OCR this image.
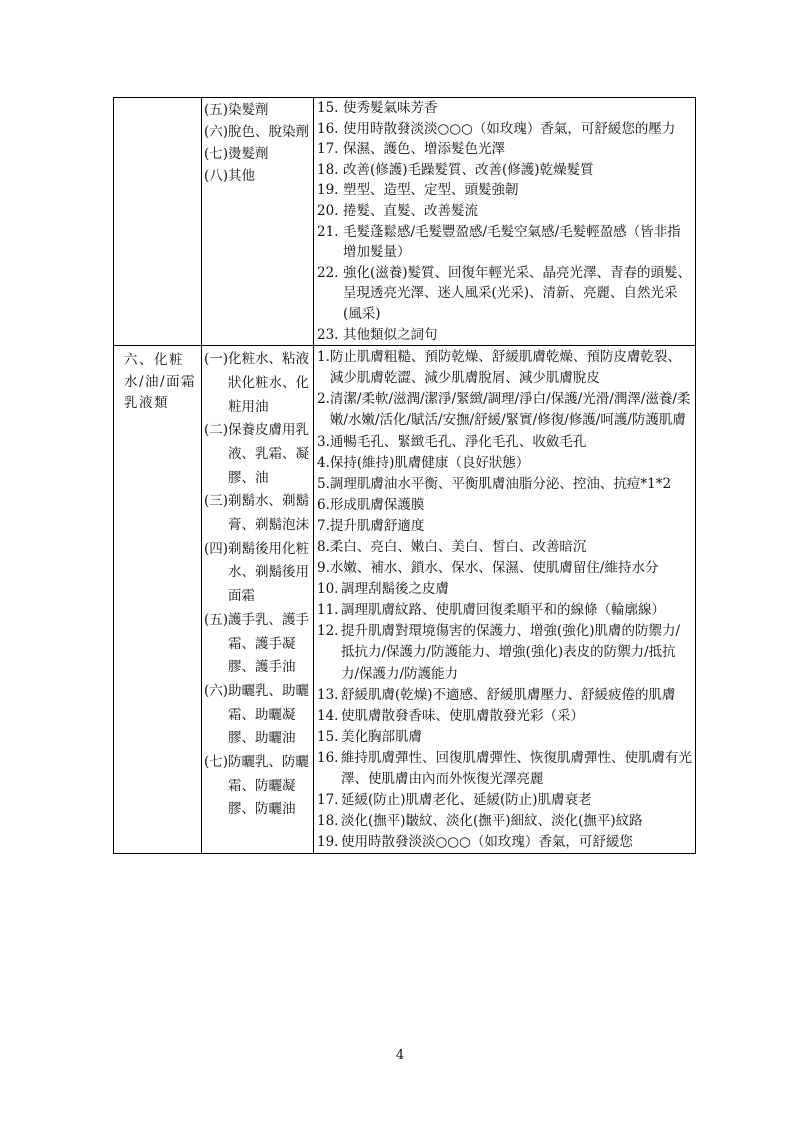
(五) 染髮劑
(六) 脫色、脫染劑
(七) 燙髮劑
(八) 其他
15. 使秀髮氣味芳香
16. 使用時散發淡淡○○○（如玫瑰）香氣，可舒緩您的壓力
17. 保濕、護色、增添髮色光澤
18. 改善(修護)毛躁髮質、改善(修護)乾燥髮質
19. 塑型、造型、定型、頭髮強韌
20. 捲髮、直髮、改善髮流
21. 毛髮蓬鬆感/毛髮豐盈感/毛髮空氣感/毛髮輕盈感（皆非指增加髮量）
22. 強化(滋養)髮質、回復年輕光采、晶亮光澤、青春的頭髮、呈現透亮光澤、迷人風采(光采)、清新、亮麗、自然光采(風采)
23. 其他類似之詞句
六、化粧水/油/面霜乳液類
(一) 化粧水、粘液狀化粧水、化粧用油
(二) 保養皮膚用乳液、乳霜、凝膠、油
(三) 剃鬍水、剃鬍膏、剃鬍泡沫
(四) 剃鬍後用化粧水、剃鬍後用面霜
(五) 護手乳、護手霜、護手凝膠、護手油
(六) 助曬乳、助曬霜、助曬凝膠、助曬油
(七) 防曬乳、防曬霜、防曬凝膠、防曬油
1. 防止肌膚粗糙、預防乾燥、舒緩肌膚乾燥、預防皮膚乾裂、減少肌膚乾澀、減少肌膚脫屑、減少肌膚脫皮
2. 清潔/柔軟/滋潤/潔淨/緊緻/調理/淨白/保護/光滑/潤澤/滋養/柔嫩/水嫩/活化/賦活/安撫/舒緩/緊實/修復/修護/呵護/防護肌膚
3. 通暢毛孔、緊緻毛孔、淨化毛孔、收斂毛孔
4. 保持(維持)肌膚健康（良好狀態）
5. 調理肌膚油水平衡、平衡肌膚油脂分泌、控油、抗痘*1*2
6. 形成肌膚保護膜
7. 提升肌膚舒適度
8. 柔白、亮白、嫩白、美白、皙白、改善暗沉
9. 水嫩、補水、鎖水、保水、保濕、使肌膚留住/維持水分
10. 調理刮鬍後之皮膚
11. 調理肌膚紋路、使肌膚回復柔順平和的線條（輪廓線）
12. 提升肌膚對環境傷害的保護力、增強(強化)肌膚的防禦力/抵抗力/保護力/防護能力、增強(強化)表皮的防禦力/抵抗力/保護力/防護能力
13. 舒緩肌膚(乾燥)不適感、舒緩肌膚壓力、舒緩疲倦的肌膚
14. 使肌膚散發香味、使肌膚散發光彩（采）
15. 美化胸部肌膚
16. 維持肌膚彈性、回復肌膚彈性、恢復肌膚彈性、使肌膚有光澤、使肌膚由內而外恢復光澤亮麗
17. 延緩(防止)肌膚老化、延緩(防止)肌膚衰老
18. 淡化(撫平)皺紋、淡化(撫平)細紋、淡化(撫平)紋路
19. 使用時散發淡淡○○○（如玫瑰）香氣，可舒緩您
4
